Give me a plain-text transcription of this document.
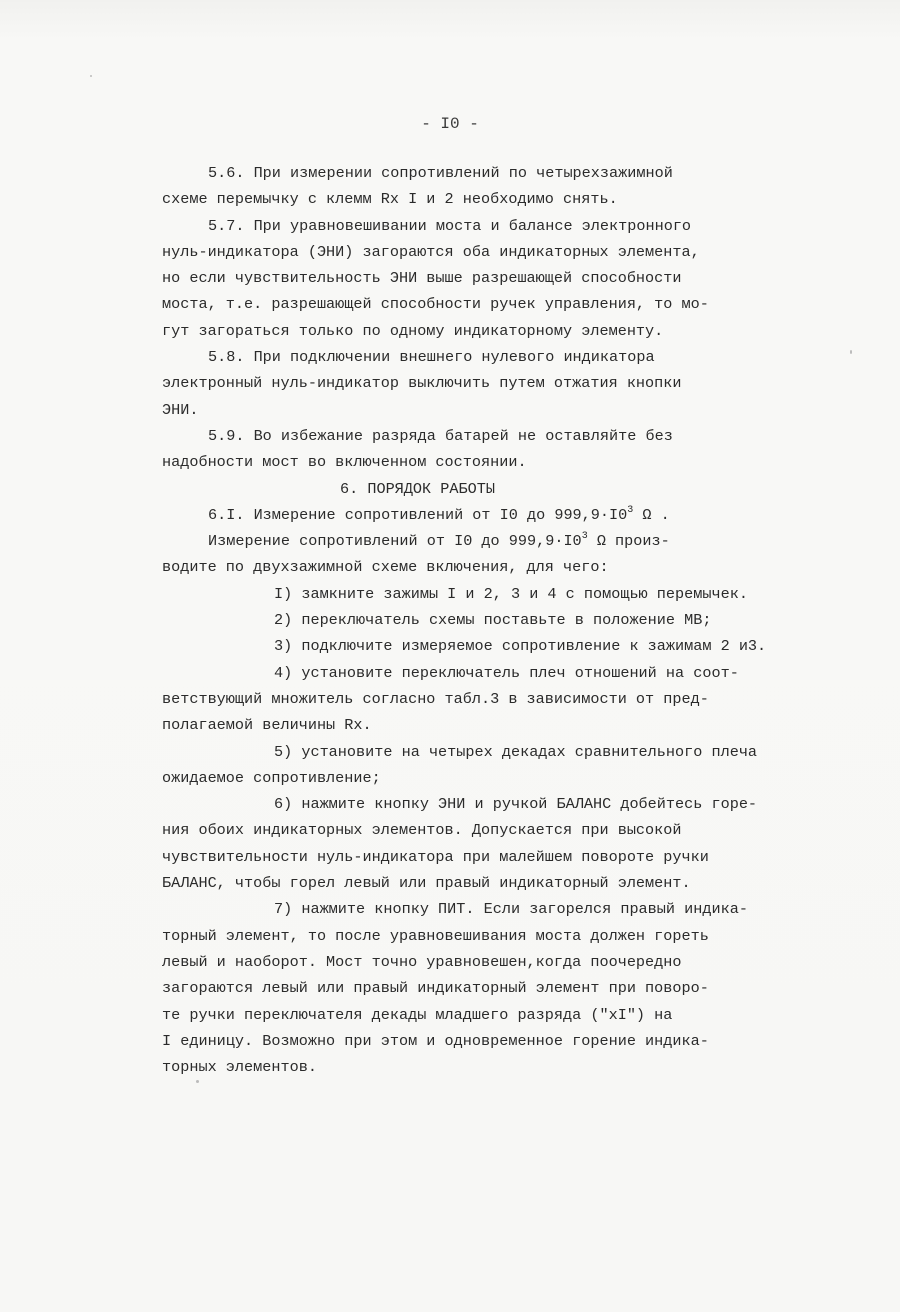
- I0 -
5.6. При измерении сопротивлений по четырехзажимной
схеме перемычку с клемм Rx I и 2 необходимо снять.
5.7. При уравновешивании моста и балансе электронного
нуль-индикатора (ЭНИ) загораются оба индикаторных элемента,
но если чувствительность ЭНИ выше разрешающей способности
моста, т.е. разрешающей способности ручек управления, то мо-
гут загораться только по одному индикаторному элементу.
5.8. При подключении внешнего нулевого индикатора
электронный нуль-индикатор выключить путем отжатия кнопки
ЭНИ.
5.9. Во избежание разряда батарей не оставляйте без
надобности мост во включенном состоянии.
6. ПОРЯДОК РАБОТЫ
6.I. Измерение сопротивлений от I0 до $999,9\cdot I0^3$ Ω .
Измерение сопротивлений от I0 до $999,9\cdot I0^3$ Ω произ-
водите по двухзажимной схеме включения, для чего:
I) замкните зажимы I и 2, 3 и 4 с помощью перемычек.
2) переключатель схемы поставьте в положение МВ;
3) подключите измеряемое сопротивление к зажимам 2 и3.
4) установите переключатель плеч отношений на соот-
ветствующий множитель согласно табл.3 в зависимости от пред-
полагаемой величины Rx.
5) установите на четырех декадах сравнительного плеча
ожидаемое сопротивление;
6) нажмите кнопку ЭНИ и ручкой БАЛАНС добейтесь горе-
ния обоих индикаторных элементов. Допускается при высокой
чувствительности нуль-индикатора при малейшем повороте ручки
БАЛАНС, чтобы горел левый или правый индикаторный элемент.
7) нажмите кнопку ПИТ. Если загорелся правый индика-
торный элемент, то после уравновешивания моста должен гореть
левый и наоборот. Мост точно уравновешен,когда поочередно
загораются левый или правый индикаторный элемент при поворо-
те ручки переключателя декады младшего разряда ("xI") на
I единицу. Возможно при этом и одновременное горение индика-
торных элементов.
